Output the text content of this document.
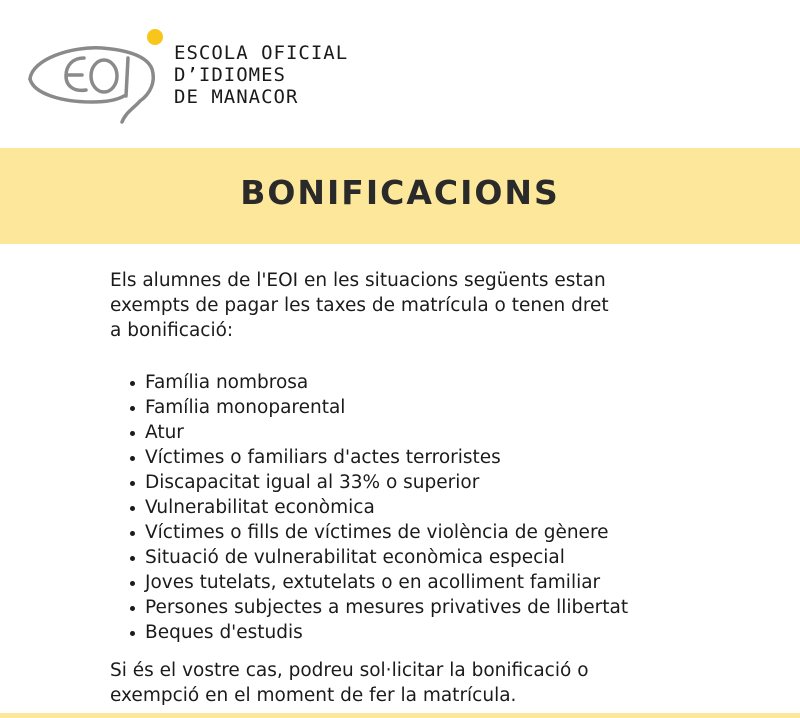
ESCOLA OFICIAL
D’IDIOMES
DE MANACOR
BONIFICACIONS

Els alumnes de l'EOI en les situacions següents estan
exempts de pagar les taxes de matrícula o tenen dret
a bonificació:

Família nombrosa
Família monoparental
Atur
Víctimes o familiars d'actes terroristes
Discapacitat igual al 33% o superior
Vulnerabilitat econòmica
Víctimes o fills de víctimes de violència de gènere
Situació de vulnerabilitat econòmica especial
Joves tutelats, extutelats o en acolliment familiar
Persones subjectes a mesures privatives de llibertat
Beques d'estudis

Si és el vostre cas, podreu sol·licitar la bonificació o
exempció en el moment de fer la matrícula.
